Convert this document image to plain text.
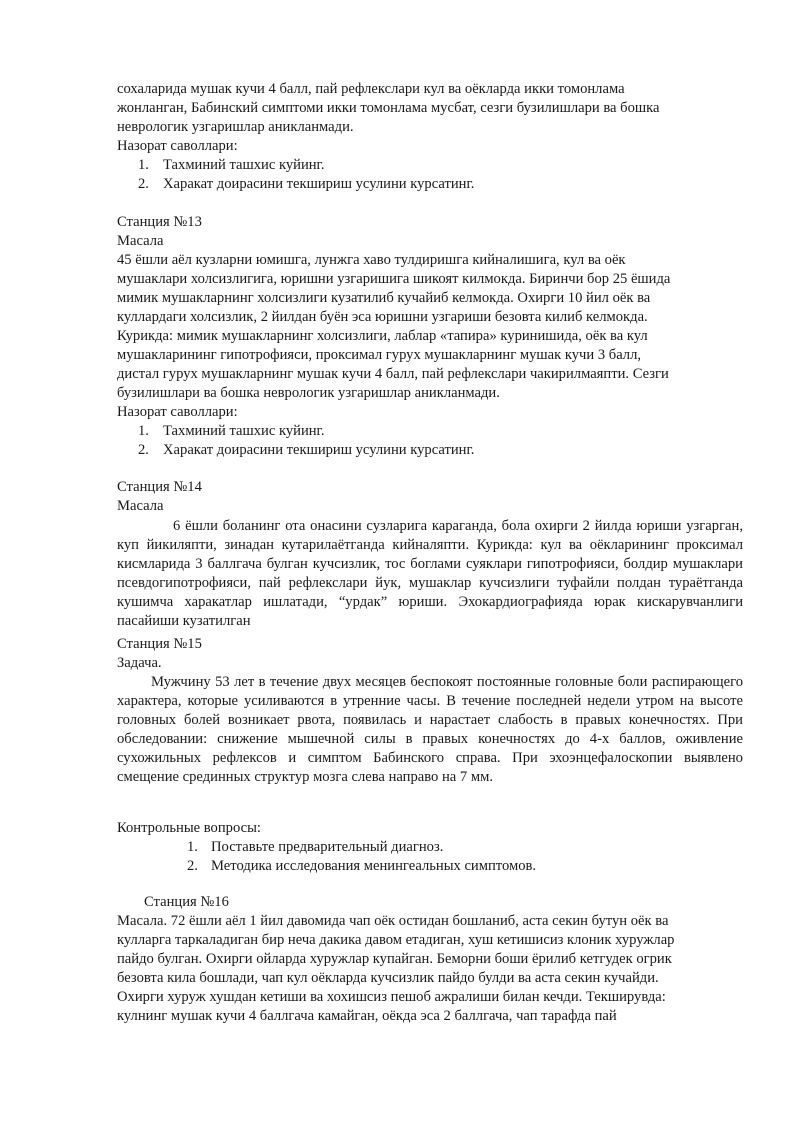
сохаларида мушак кучи 4 балл, пай рефлекслари кул ва оёкларда икки томонлама
жонланган, Бабинский симптоми икки томонлама мусбат, сезги бузилишлари ва бошка
неврологик узгаришлар аникланмади.
Назорат саволлари:
1. Тахминий ташхис куйинг.
2. Харакат доирасини текшириш усулини курсатинг.
Станция №13
Масала
45 ёшли аёл кузларни юмишга, лунжга хаво тулдиришга кийналишига, кул ва оёк
мушаклари холсизлигига, юришни узгаришига шикоят килмокда. Биринчи бор 25 ёшида
мимик мушакларнинг холсизлиги кузатилиб кучайиб келмокда. Охирги 10 йил оёк ва
куллардаги холсизлик, 2 йилдан буён эса юришни узгариши безовта килиб келмокда.
Курикда: мимик мушакларнинг холсизлиги, лаблар «тапира» куринишида, оёк ва кул
мушакларининг гипотрофияси, проксимал гурух мушакларнинг мушак кучи 3 балл,
дистал гурух мушакларнинг мушак кучи 4 балл, пай рефлекслари чакирилмаяпти. Сезги
бузилишлари ва бошка неврологик узгаришлар аникланмади.
Назорат саволлари:
1. Тахминий ташхис куйинг.
2. Харакат доирасини текшириш усулини курсатинг.
Станция №14
Масала
6 ёшли боланинг ота онасини сузларига караганда, бола охирги 2 йилда юриши узгарган, куп йикиляпти, зинадан кутарилаётганда кийналяпти. Курикда: кул ва оёкларининг проксимал кисмларида 3 баллгача булган кучсизлик, тос боглами суяклари гипотрофияси, болдир мушаклари псевдогипотрофияси, пай рефлекслари йук, мушаклар кучсизлиги туфайли полдан тураётганда кушимча харакатлар ишлатади, “урдак” юриши. Эхокардиографияда юрак кискарувчанлиги пасайиши кузатилган
Станция №15
Задача.
Мужчину 53 лет в течение двух месяцев беспокоят постоянные головные боли распирающего характера, которые усиливаются в утренние часы. В течение последней недели утром на высоте головных болей возникает рвота, появилась и нарастает слабость в правых конечностях. При обследовании: снижение мышечной силы в правых конечностях до 4-х баллов, оживление сухожильных рефлексов и симптом Бабинского справа. При эхоэнцефалоскопии выявлено смещение срединных структур мозга слева направо на 7 мм.
Контрольные вопросы:
1. Поставьте предварительный диагноз.
2. Методика исследования менингеальных симптомов.
Станция №16
Масала. 72 ёшли аёл 1 йил давомида чап оёк остидан бошланиб, аста секин бутун оёк ва
кулларга таркаладиган бир неча дакика давом етадиган, хуш кетишисиз клоник хуружлар
пайдо булган. Охирги ойларда хуружлар купайган. Беморни боши ёрилиб кетгудек огрик
безовта кила бошлади, чап кул оёкларда кучсизлик пайдо булди ва аста секин кучайди.
Охирги хуруж хушдан кетиши ва хохишсиз пешоб ажралиши билан кечди. Текширувда:
кулнинг мушак кучи 4 баллгача камайган, оёкда эса 2 баллгача, чап тарафда пай
